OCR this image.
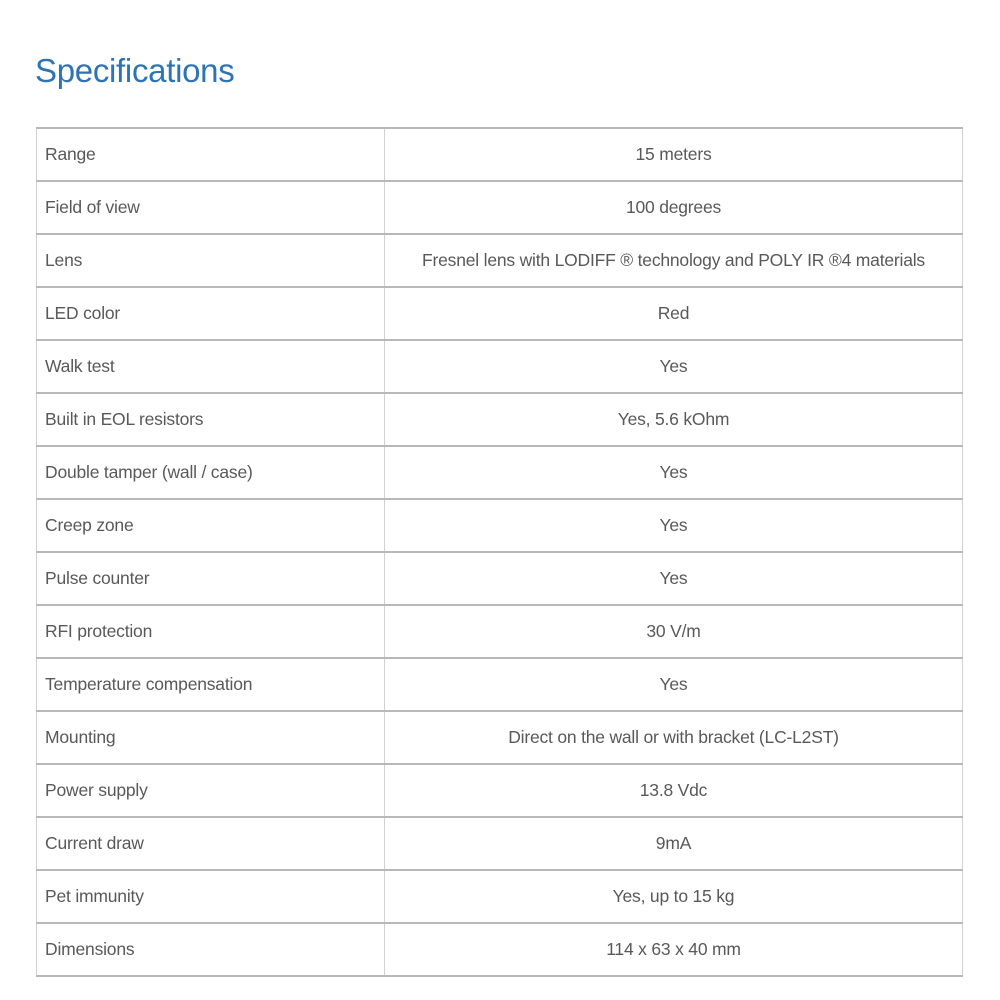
Specifications
Range	15 meters
Field of view	100 degrees
Lens	Fresnel lens with LODIFF ® technology and POLY IR ®4 materials
LED color	Red
Walk test	Yes
Built in EOL resistors	Yes, 5.6 kOhm
Double tamper (wall / case)	Yes
Creep zone	Yes
Pulse counter	Yes
RFI protection	30 V/m
Temperature compensation	Yes
Mounting	Direct on the wall or with bracket (LC-L2ST)
Power supply	13.8 Vdc
Current draw	9mA
Pet immunity	Yes, up to 15 kg
Dimensions	114 x 63 x 40 mm
